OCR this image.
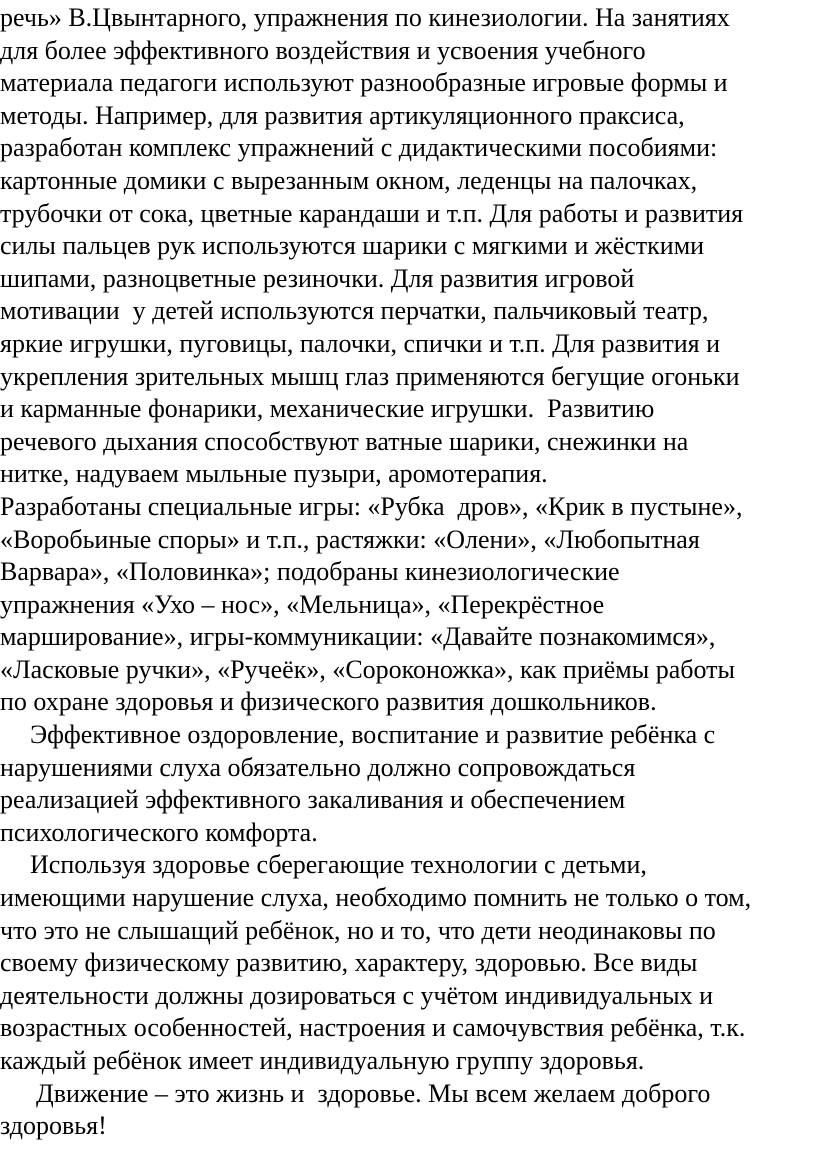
речь» В.Цвынтарного, упражнения по кинезиологии. На занятиях
для более эффективного воздействия и усвоения учебного
материала педагоги используют разнообразные игровые формы и
методы. Например, для развития артикуляционного праксиса,
разработан комплекс упражнений с дидактическими пособиями:
картонные домики с вырезанным окном, леденцы на палочках,
трубочки от сока, цветные карандаши и т.п. Для работы и развития
силы пальцев рук используются шарики с мягкими и жёсткими
шипами, разноцветные резиночки. Для развития игровой
мотивации  у детей используются перчатки, пальчиковый театр,
яркие игрушки, пуговицы, палочки, спички и т.п. Для развития и
укрепления зрительных мышц глаз применяются бегущие огоньки
и карманные фонарики, механические игрушки.  Развитию
речевого дыхания способствуют ватные шарики, снежинки на
нитке, надуваем мыльные пузыри, аромотерапия.
Разработаны специальные игры: «Рубка  дров», «Крик в пустыне»,
«Воробьиные споры» и т.п., растяжки: «Олени», «Любопытная
Варвара», «Половинка»; подобраны кинезиологические
упражнения «Ухо – нос», «Мельница», «Перекрёстное
марширование», игры-коммуникации: «Давайте познакомимся»,
«Ласковые ручки», «Ручеёк», «Сороконожка», как приёмы работы
по охране здоровья и физического развития дошкольников.
Эффективное оздоровление, воспитание и развитие ребёнка с
нарушениями слуха обязательно должно сопровождаться
реализацией эффективного закаливания и обеспечением
психологического комфорта.
Используя здоровье сберегающие технологии с детьми,
имеющими нарушение слуха, необходимо помнить не только о том,
что это не слышащий ребёнок, но и то, что дети неодинаковы по
своему физическому развитию, характеру, здоровью. Все виды
деятельности должны дозироваться с учётом индивидуальных и
возрастных особенностей, настроения и самочувствия ребёнка, т.к.
каждый ребёнок имеет индивидуальную группу здоровья.
Движение – это жизнь и  здоровье. Мы всем желаем доброго
здоровья!
